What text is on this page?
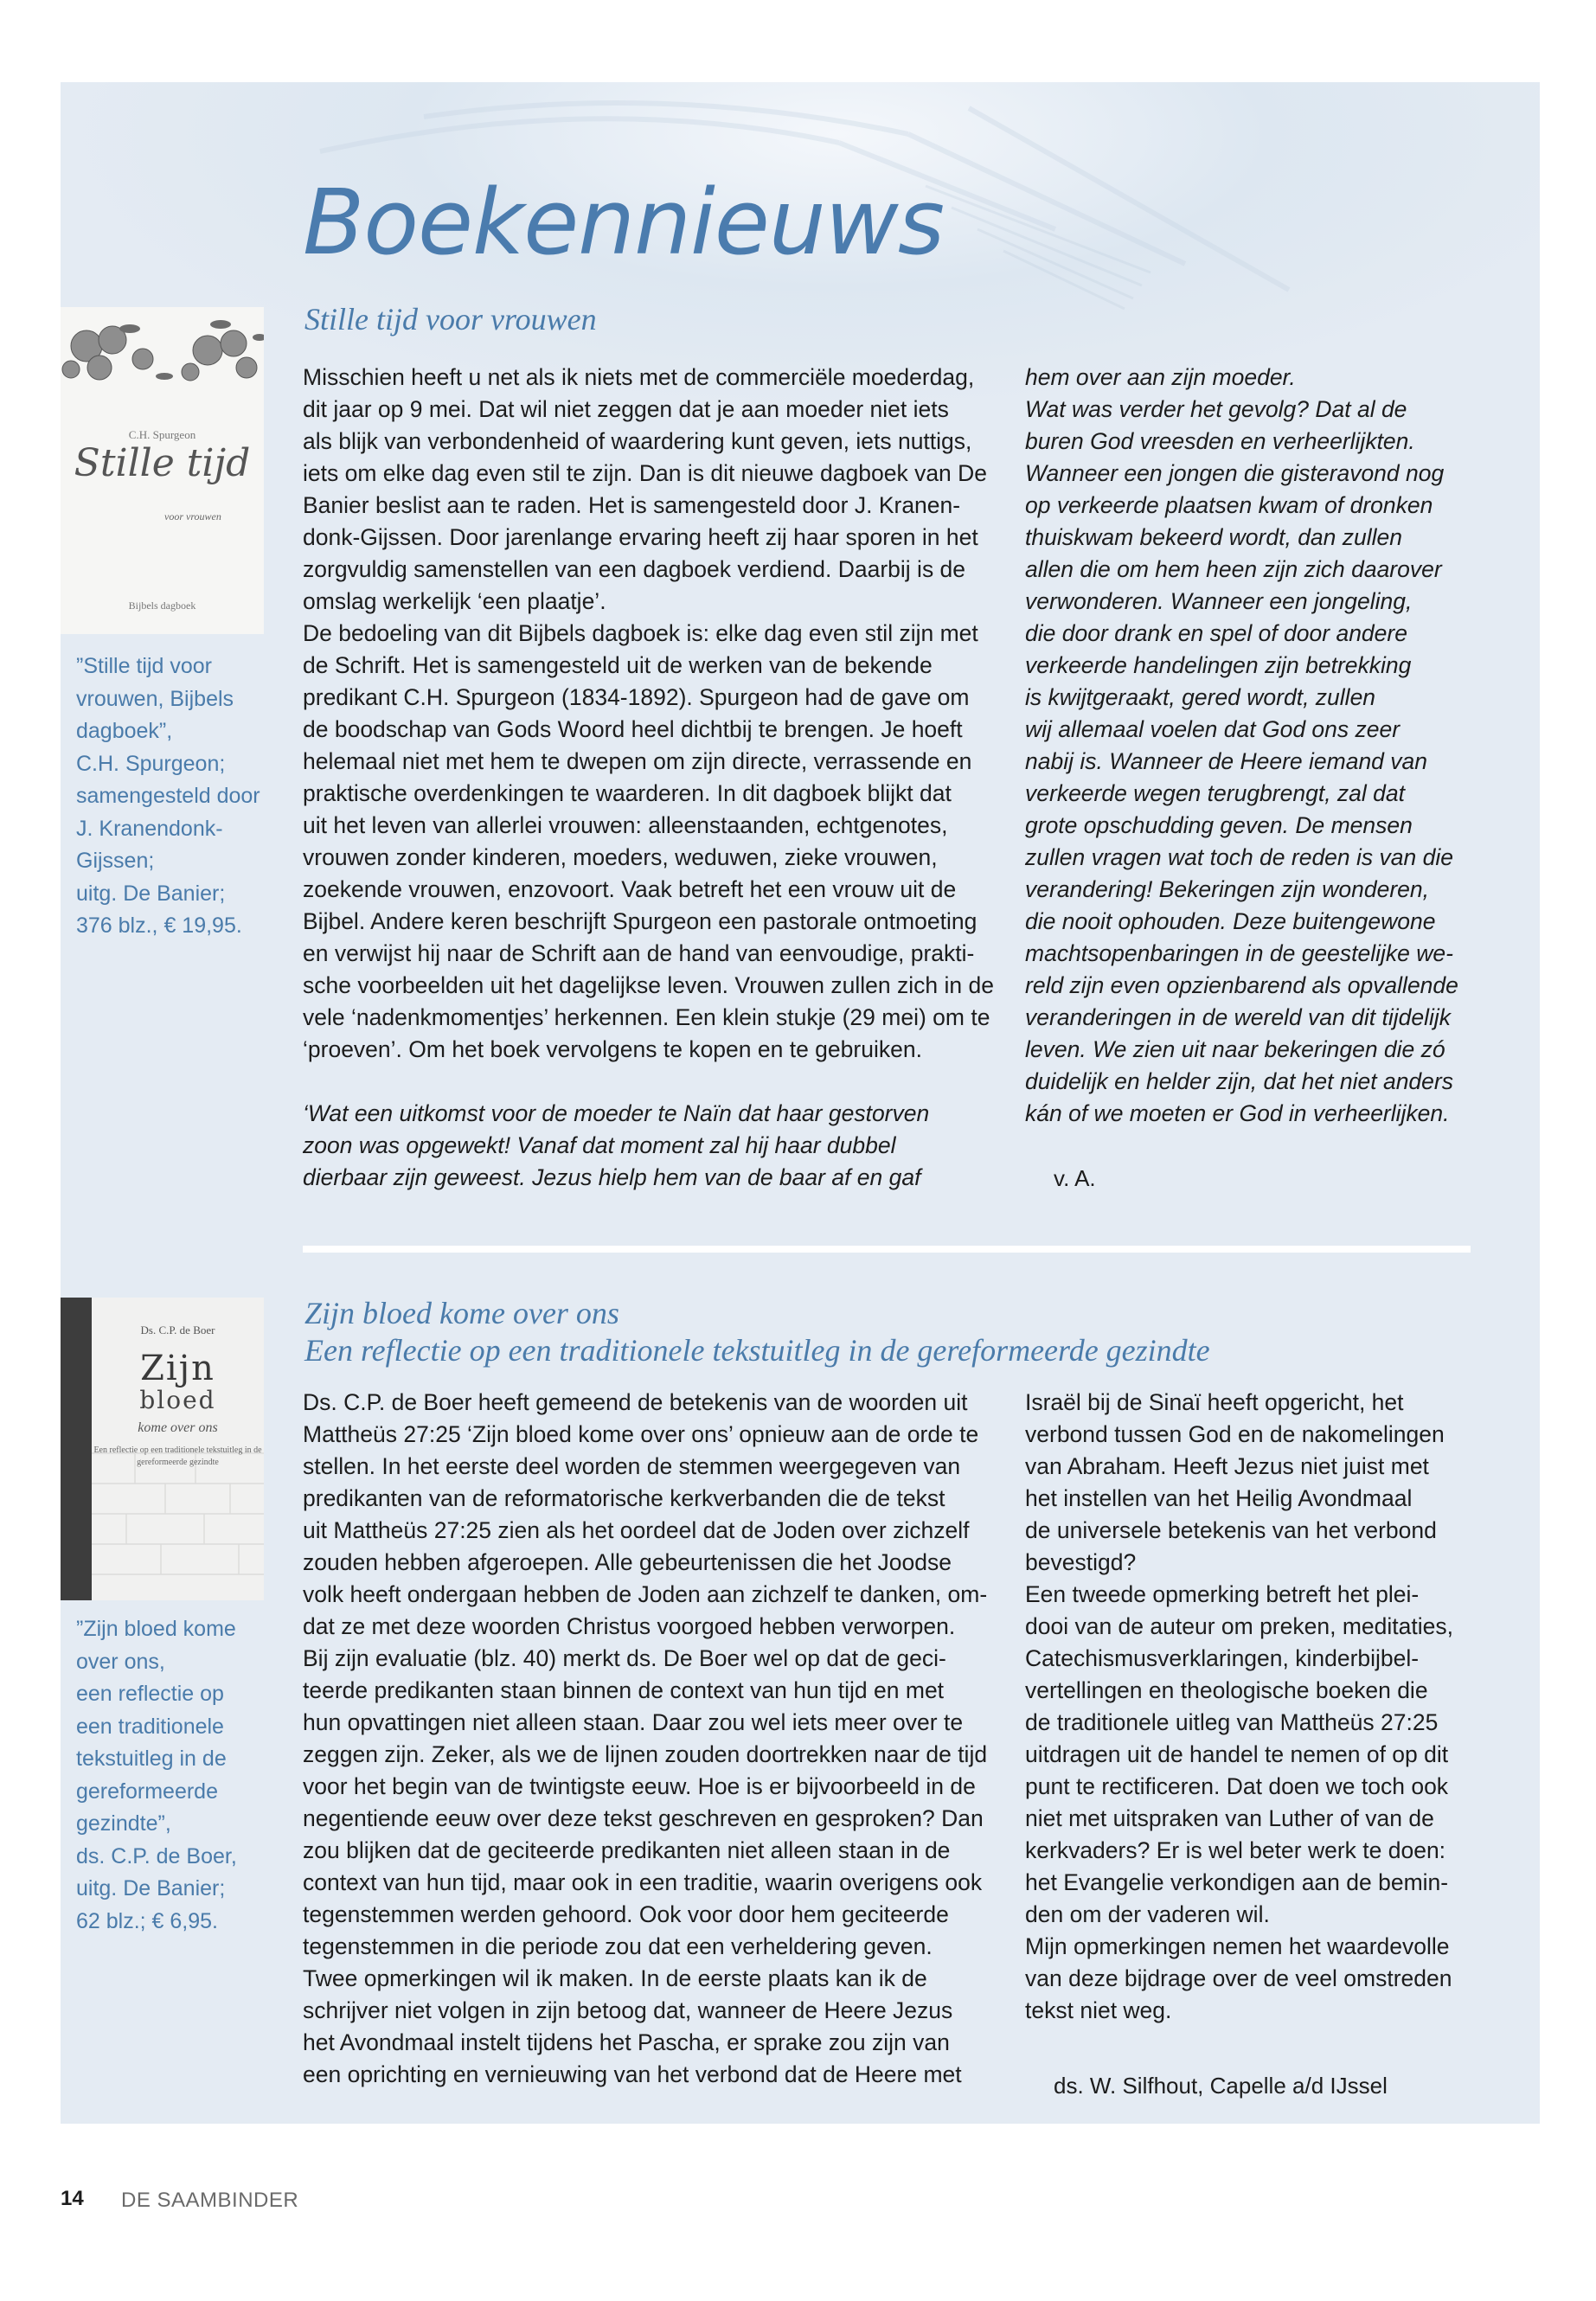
Boekennieuws
Stille tijd voor vrouwen
C.H. Spurgeon
Stille tijd
voor vrouwen
Bijbels dagboek

”Stille tijd voor

vrouwen, Bijbels

dagboek”,

C.H. Spurgeon;

samengesteld door

J. Kranendonk-

Gijssen;

uitg. De Banier;

376 blz., € 19,95.

Misschien heeft u net als ik niets met de commerciële moederdag,

dit jaar op 9 mei. Dat wil niet zeggen dat je aan moeder niet iets

als blijk van verbondenheid of waardering kunt geven, iets nuttigs,

iets om elke dag even stil te zijn. Dan is dit nieuwe dagboek van De

Banier beslist aan te raden. Het is samengesteld door J. Kranen-

donk-Gijssen. Door jarenlange ervaring heeft zij haar sporen in het

zorgvuldig samenstellen van een dagboek verdiend. Daarbij is de

omslag werkelijk ‘een plaatje’.

De bedoeling van dit Bijbels dagboek is: elke dag even stil zijn met

de Schrift. Het is samengesteld uit de werken van de bekende

predikant C.H. Spurgeon (1834-1892). Spurgeon had de gave om

de boodschap van Gods Woord heel dichtbij te brengen. Je hoeft

helemaal niet met hem te dwepen om zijn directe, verrassende en

praktische overdenkingen te waarderen. In dit dagboek blijkt dat

uit het leven van allerlei vrouwen: alleenstaanden, echtgenotes,

vrouwen zonder kinderen, moeders, weduwen, zieke vrouwen,

zoekende vrouwen, enzovoort. Vaak betreft het een vrouw uit de

Bijbel. Andere keren beschrijft Spurgeon een pastorale ontmoeting

en verwijst hij naar de Schrift aan de hand van eenvoudige, prakti-

sche voorbeelden uit het dagelijkse leven. Vrouwen zullen zich in de

vele ‘nadenkmomentjes’ herkennen. Een klein stukje (29 mei) om te

‘proeven’. Om het boek vervolgens te kopen en te gebruiken.

‘Wat een uitkomst voor de moeder te Naïn dat haar gestorven

zoon was opgewekt! Vanaf dat moment zal hij haar dubbel

dierbaar zijn geweest. Jezus hielp hem van de baar af en gaf

hem over aan zijn moeder.

Wat was verder het gevolg? Dat al de

buren God vreesden en verheerlijkten.

Wanneer een jongen die gisteravond nog

op verkeerde plaatsen kwam of dronken

thuiskwam bekeerd wordt, dan zullen

allen die om hem heen zijn zich daarover

verwonderen. Wanneer een jongeling,

die door drank en spel of door andere

verkeerde handelingen zijn betrekking

is kwijtgeraakt, gered wordt, zullen

wij allemaal voelen dat God ons zeer

nabij is. Wanneer de Heere iemand van

verkeerde wegen terugbrengt, zal dat

grote opschudding geven. De mensen

zullen vragen wat toch de reden is van die

verandering! Bekeringen zijn wonderen,

die nooit ophouden. Deze buitengewone

machtsopenbaringen in de geestelijke we-

reld zijn even opzienbarend als opvallende

veranderingen in de wereld van dit tijdelijk

leven. We zien uit naar bekeringen die zó

duidelijk en helder zijn, dat het niet anders

kán of we moeten er God in verheerlijken.

v. A.
Zijn bloed kome over ons
Een reflectie op een traditionele tekstuitleg in de gereformeerde gezindte
Ds. C.P. de Boer
Zijn
bloed
kome over ons
Een reflectie op een traditionele tekstuitleg in de gereformeerde gezindte

”Zijn bloed kome

over ons,

een reflectie op

een traditionele

tekstuitleg in de

gereformeerde

gezindte”,

ds. C.P. de Boer,

uitg. De Banier;

62 blz.; € 6,95.

Ds. C.P. de Boer heeft gemeend de betekenis van de woorden uit

Mattheüs 27:25 ‘Zijn bloed kome over ons’ opnieuw aan de orde te

stellen. In het eerste deel worden de stemmen weergegeven van

predikanten van de reformatorische kerkverbanden die de tekst

uit Mattheüs 27:25 zien als het oordeel dat de Joden over zichzelf

zouden hebben afgeroepen. Alle gebeurtenissen die het Joodse

volk heeft ondergaan hebben de Joden aan zichzelf te danken, om-

dat ze met deze woorden Christus voorgoed hebben verworpen.

Bij zijn evaluatie (blz. 40) merkt ds. De Boer wel op dat de geci-

teerde predikanten staan binnen de context van hun tijd en met

hun opvattingen niet alleen staan. Daar zou wel iets meer over te

zeggen zijn. Zeker, als we de lijnen zouden doortrekken naar de tijd

voor het begin van de twintigste eeuw. Hoe is er bijvoorbeeld in de

negentiende eeuw over deze tekst geschreven en gesproken? Dan

zou blijken dat de geciteerde predikanten niet alleen staan in de

context van hun tijd, maar ook in een traditie, waarin overigens ook

tegenstemmen werden gehoord. Ook voor door hem geciteerde

tegenstemmen in die periode zou dat een verheldering geven.

Twee opmerkingen wil ik maken. In de eerste plaats kan ik de

schrijver niet volgen in zijn betoog dat, wanneer de Heere Jezus

het Avondmaal instelt tijdens het Pascha, er sprake zou zijn van

een oprichting en vernieuwing van het verbond dat de Heere met

Israël bij de Sinaï heeft opgericht, het

verbond tussen God en de nakomelingen

van Abraham. Heeft Jezus niet juist met

het instellen van het Heilig Avondmaal

de universele betekenis van het verbond

bevestigd?

Een tweede opmerking betreft het plei-

dooi van de auteur om preken, meditaties,

Catechismusverklaringen, kinderbijbel-

vertellingen en theologische boeken die

de traditionele uitleg van Mattheüs 27:25

uitdragen uit de handel te nemen of op dit

punt te rectificeren. Dat doen we toch ook

niet met uitspraken van Luther of van de

kerkvaders? Er is wel beter werk te doen:

het Evangelie verkondigen aan de bemin-

den om der vaderen wil.

Mijn opmerkingen nemen het waardevolle

van deze bijdrage over de veel omstreden

tekst niet weg.

ds. W. Silfhout, Capelle a/d IJssel
14 DE SAAMBINDER
